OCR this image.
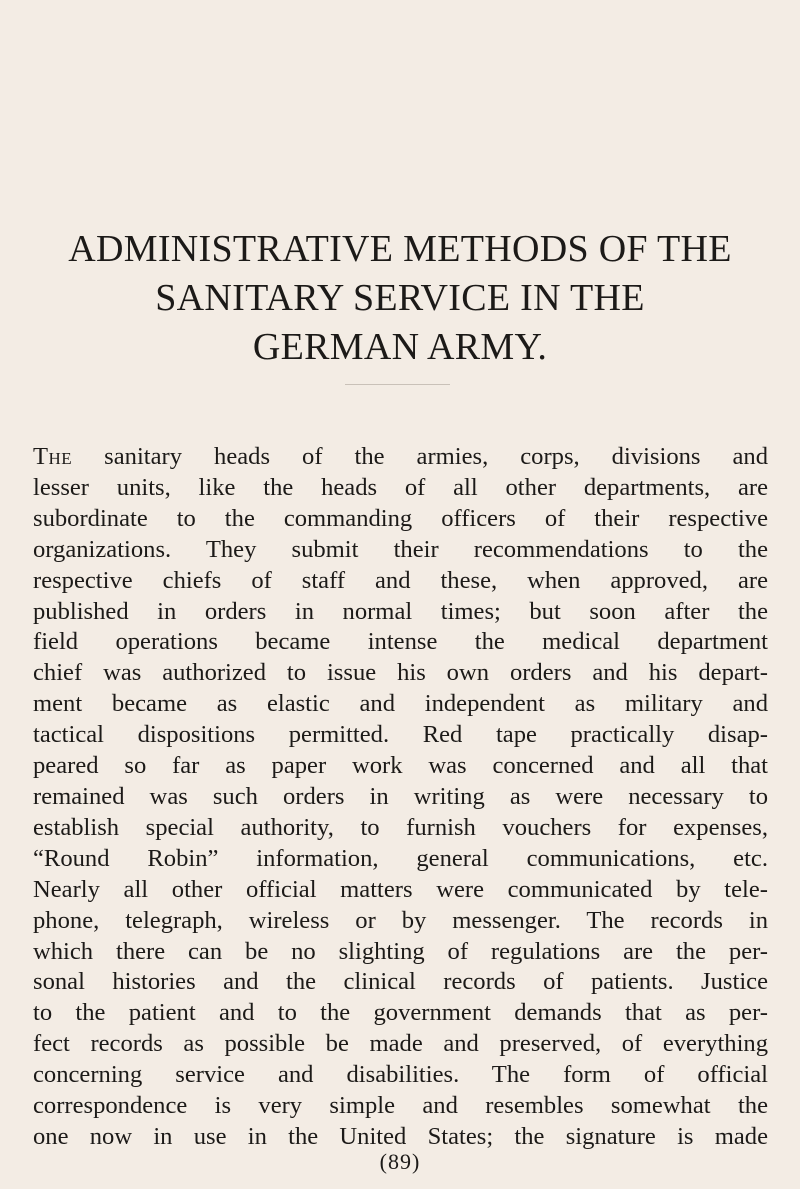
ADMINISTRATIVE METHODS OF THE
SANITARY SERVICE IN THE
GERMAN ARMY.
The sanitary heads of the armies, corps, divisions and
lesser units, like the heads of all other departments, are
subordinate to the commanding officers of their respective
organizations. They submit their recommendations to the
respective chiefs of staff and these, when approved, are
published in orders in normal times; but soon after the
field operations became intense the medical department
chief was authorized to issue his own orders and his depart-
ment became as elastic and independent as military and
tactical dispositions permitted. Red tape practically disap-
peared so far as paper work was concerned and all that
remained was such orders in writing as were necessary to
establish special authority, to furnish vouchers for expenses,
“Round Robin” information, general communications, etc.
Nearly all other official matters were communicated by tele-
phone, telegraph, wireless or by messenger. The records in
which there can be no slighting of regulations are the per-
sonal histories and the clinical records of patients. Justice
to the patient and to the government demands that as per-
fect records as possible be made and preserved, of everything
concerning service and disabilities. The form of official
correspondence is very simple and resembles somewhat the
one now in use in the United States; the signature is made
(89)
